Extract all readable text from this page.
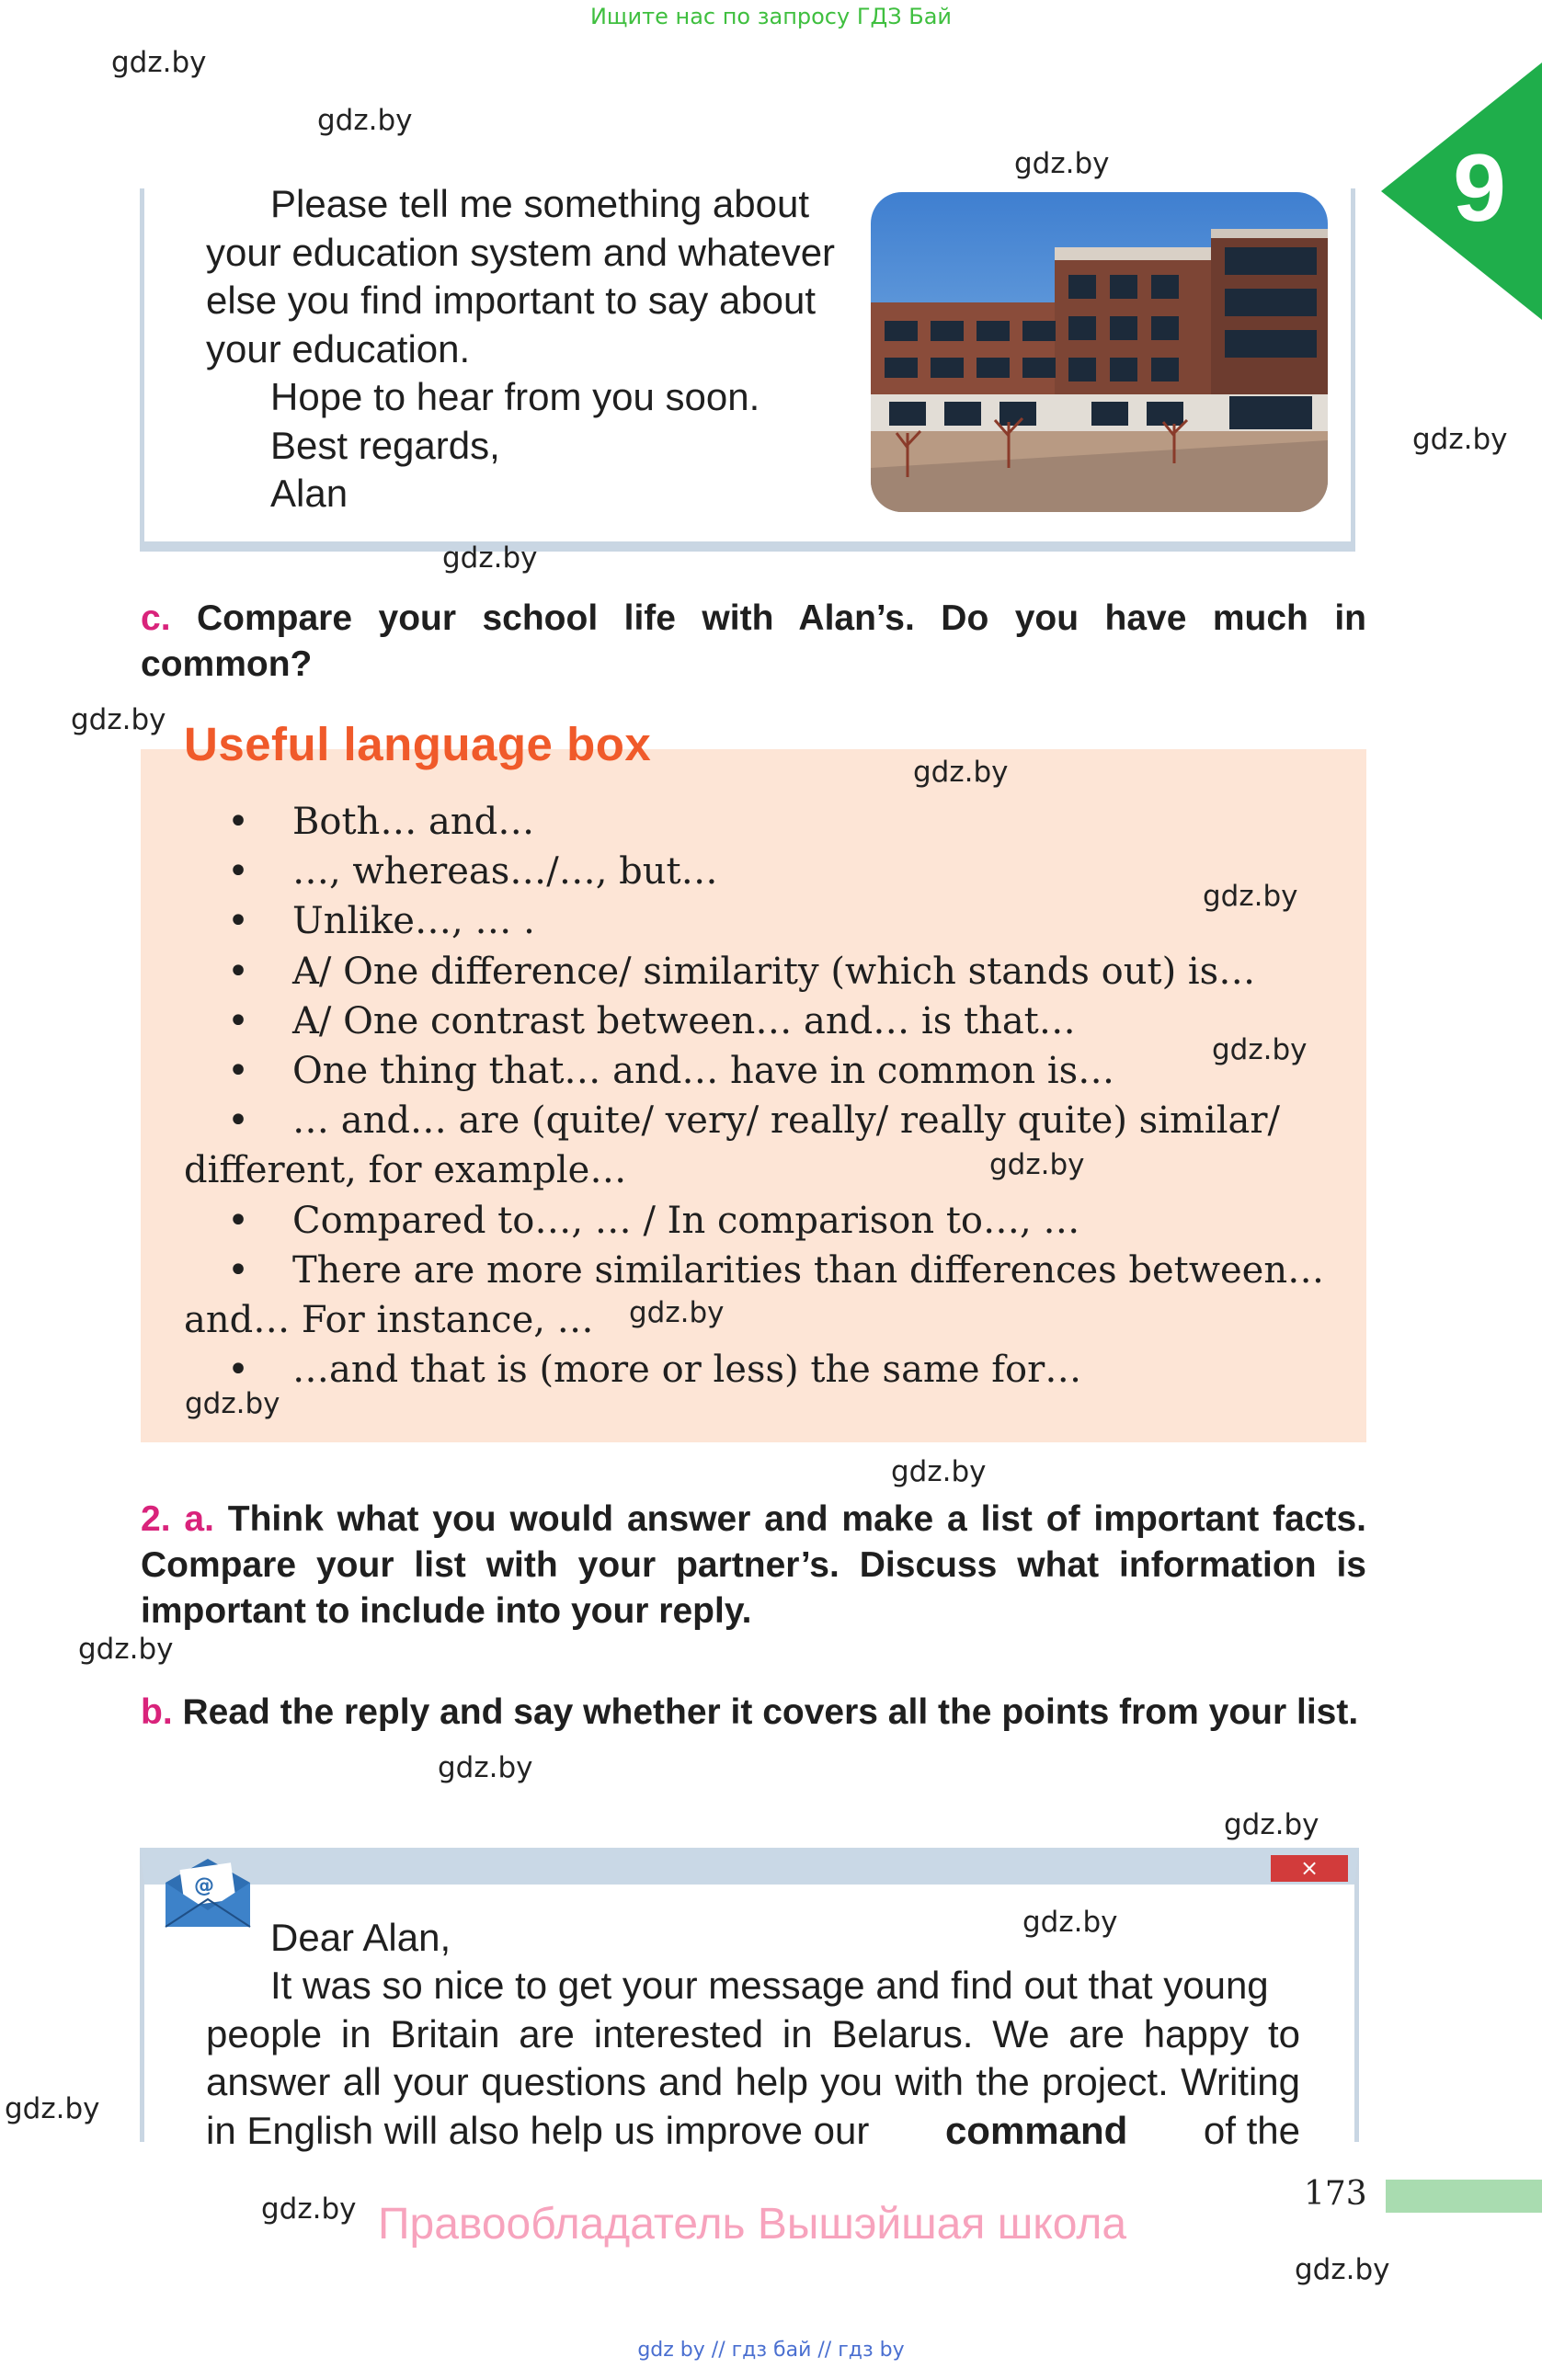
Ищите нас по запросу ГДЗ Бай
9

Please tell me something about

your education system and whatever

else you find important to say about

your education.

Hope to hear from you soon.

Best regards,

Alan

c. Compare your school life with Alan’s. Do you have much in common?
Useful language box
• Both… and…
• …, whereas…/…, but…
• Unlike…, … .
• A/ One difference/ similarity (which stands out) is…
• A/ One contrast between… and… is that…
• One thing that… and… have in common is…
• … and… are (quite/ very/ really/ really quite) similar/
different, for example…
• Compared to…, … / In comparison to…, …
• There are more similarities than differences between…
and… For instance, …
• …and that is (more or less) the same for…
2. a. Think what you would answer and make a list of important facts. Compare your list with your partner’s. Discuss what information is important to include into your reply.
b. Read the reply and say whether it covers all the points from your list.
×
@
Dear Alan,

It was so nice to get your message and find out that young

people in Britain are interested in Belarus. We are happy to

answer all your questions and help you with the project. Writing

in English will also help us improve our command of the

173
Правообладатель Вышэйшая школа
gdz by // гдз бай // гдз by
gdz.by
gdz.by
gdz.by
gdz.by
gdz.by
gdz.by
gdz.by
gdz.by
gdz.by
gdz.by
gdz.by
gdz.by
gdz.by
gdz.by
gdz.by
gdz.by
gdz.by
gdz.by
gdz.by
gdz.by
